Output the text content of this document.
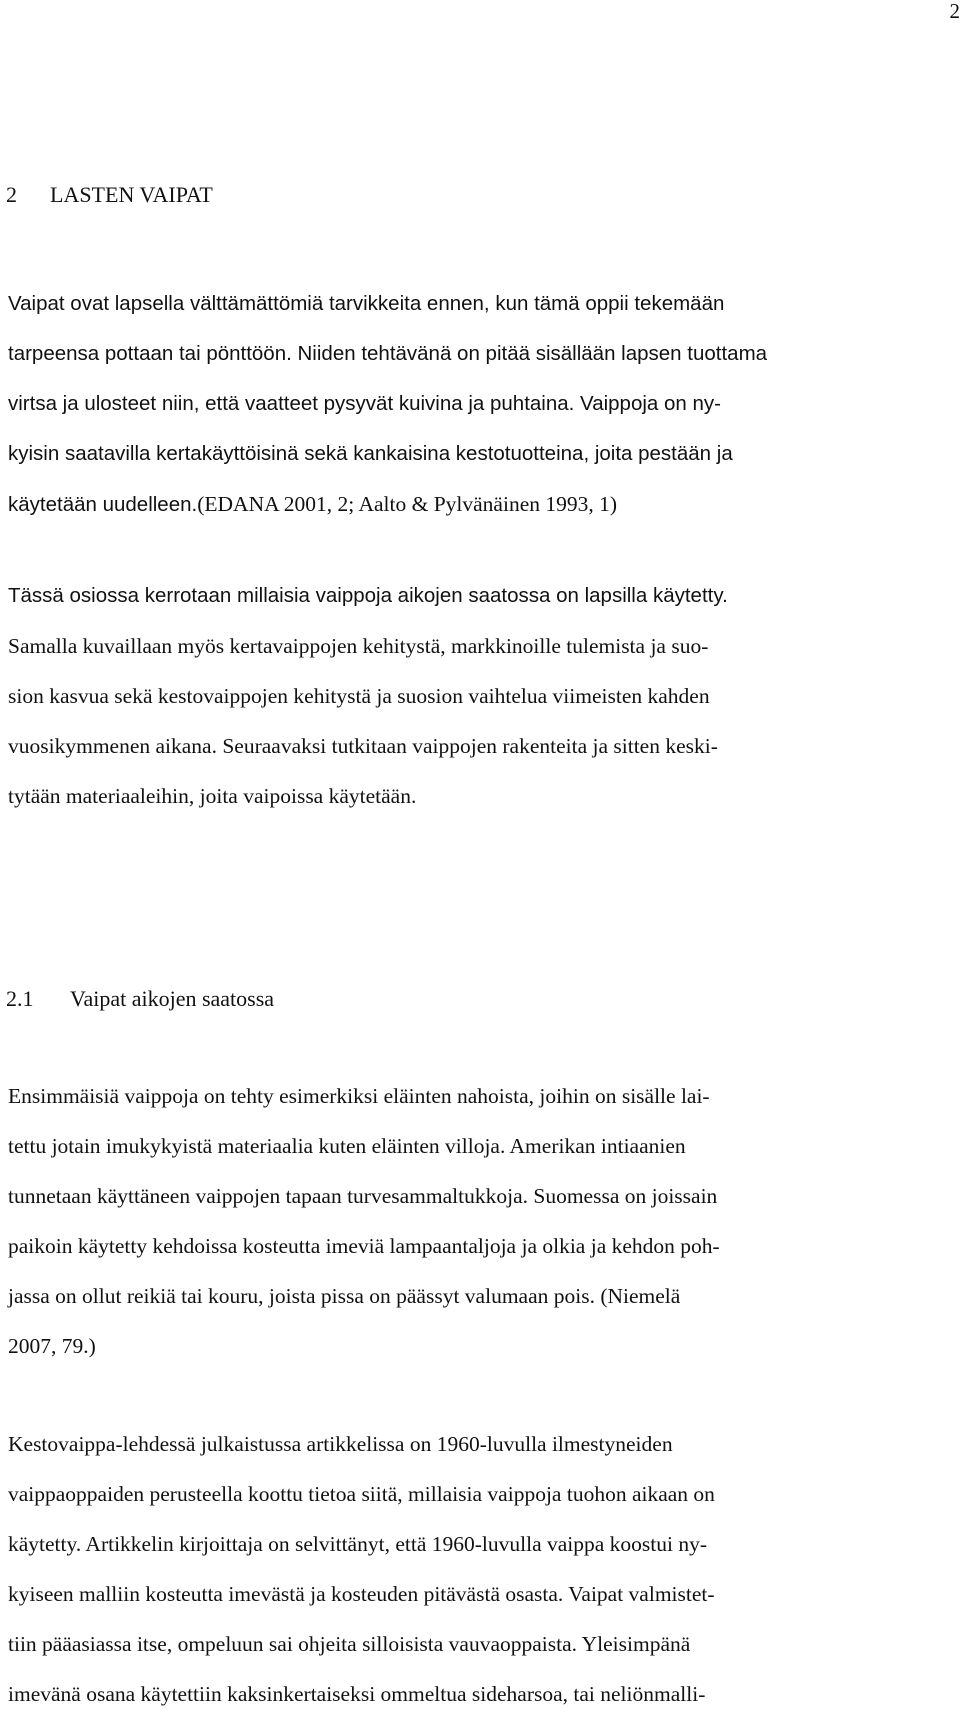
2
2 LASTEN VAIPAT
Vaipat ovat lapsella välttämättömiä tarvikkeita ennen, kun tämä oppii tekemään
tarpeensa pottaan tai pönttöön. Niiden tehtävänä on pitää sisällään lapsen tuottama
virtsa ja ulosteet niin, että vaatteet pysyvät kuivina ja puhtaina. Vaippoja on ny-
kyisin saatavilla kertakäyttöisinä sekä kankaisina kestotuotteina, joita pestään ja
käytetään uudelleen.(EDANA 2001, 2; Aalto & Pylvänäinen 1993, 1)
Tässä osiossa kerrotaan millaisia vaippoja aikojen saatossa on lapsilla käytetty.
Samalla kuvaillaan myös kertavaippojen kehitystä, markkinoille tulemista ja suo-
sion kasvua sekä kestovaippojen kehitystä ja suosion vaihtelua viimeisten kahden
vuosikymmenen aikana. Seuraavaksi tutkitaan vaippojen rakenteita ja sitten keski-
tytään materiaaleihin, joita vaipoissa käytetään.
2.1 Vaipat aikojen saatossa
Ensimmäisiä vaippoja on tehty esimerkiksi eläinten nahoista, joihin on sisälle lai-
tettu jotain imukykyistä materiaalia kuten eläinten villoja. Amerikan intiaanien
tunnetaan käyttäneen vaippojen tapaan turvesammaltukkoja. Suomessa on joissain
paikoin käytetty kehdoissa kosteutta imeviä lampaantaljoja ja olkia ja kehdon poh-
jassa on ollut reikiä tai kouru, joista pissa on päässyt valumaan pois. (Niemelä
2007, 79.)
Kestovaippa-lehdessä julkaistussa artikkelissa on 1960-luvulla ilmestyneiden
vaippaoppaiden perusteella koottu tietoa siitä, millaisia vaippoja tuohon aikaan on
käytetty. Artikkelin kirjoittaja on selvittänyt, että 1960-luvulla vaippa koostui ny-
kyiseen malliin kosteutta imevästä ja kosteuden pitävästä osasta. Vaipat valmistet-
tiin pääasiassa itse, ompeluun sai ohjeita silloisista vauvaoppaista. Yleisimpänä
imevänä osana käytettiin kaksinkertaiseksi ommeltua sideharsoa, tai neliönmalli-
